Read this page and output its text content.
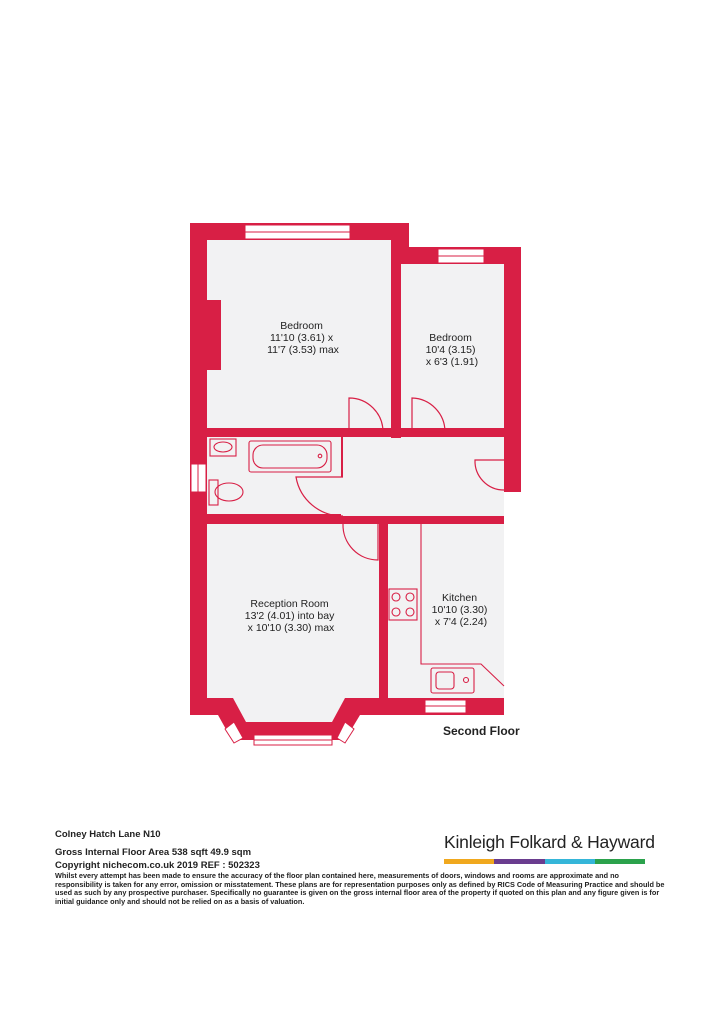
Bedroom 11'10 (3.61) x 11'7 (3.53) max
Bedroom 10'4 (3.15) x 6'3 (1.91)
Reception Room 13'2 (4.01) into bay x 10'10 (3.30) max
Kitchen 10'10 (3.30) x 7'4 (2.24)
Second Floor

Colney Hatch Lane N10

Gross Internal Floor Area 538 sqft 49.9 sqm

Copyright nichecom.co.uk 2019 REF : 502323

Whilst every attempt has been made to ensure the accuracy of the floor plan contained here, measurements of doors, windows and rooms are approximate and no responsibility is taken for any error, omission or misstatement. These plans are for representation purposes only as defined by RICS Code of Measuring Practice and should be used as such by any prospective purchaser. Specifically no guarantee is given on the gross internal floor area of the property if quoted on this plan and any figure given is for initial guidance only and should not be relied on as a basis of valuation.

Kinleigh Folkard & Hayward
